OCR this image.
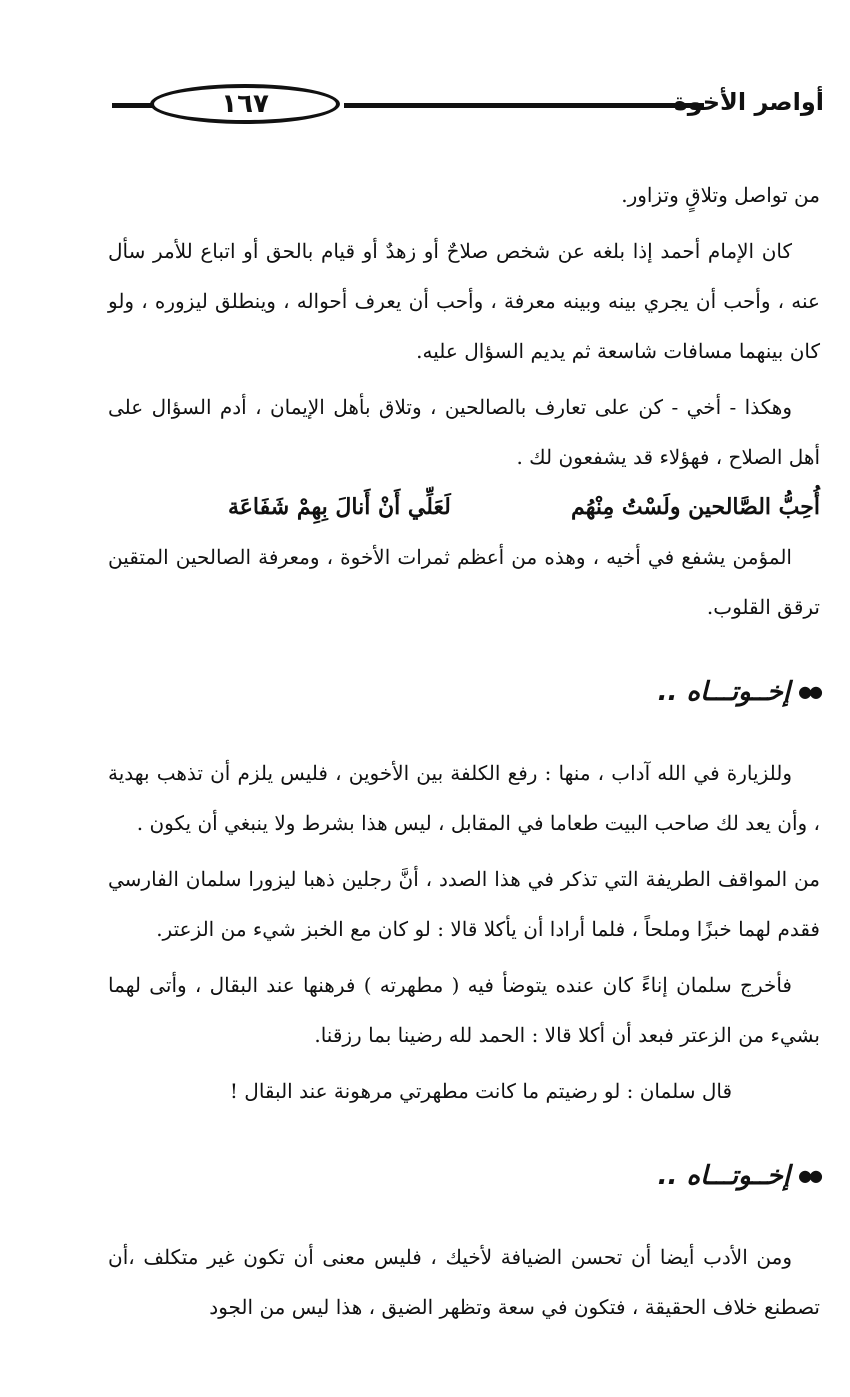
١٦٧	أواصر الأخوة

من تواصل وتلاقٍ وتزاور.

كان الإمام أحمد إذا بلغه عن شخص صلاحٌ أو زهدٌ أو قيام بالحق أو اتباع للأمر سأل عنه ، وأحب أن يجري بينه وبينه معرفة ، وأحب أن يعرف أحواله ، وينطلق ليزوره ، ولو كان بينهما مسافات شاسعة ثم يديم السؤال عليه.

وهكذا - أخي - كن على تعارف بالصالحين ، وتلاق بأهل الإيمان ، أدم السؤال على أهل الصلاح ، فهؤلاء قد يشفعون لك .

أُحِبُّ الصَّالحين ولَسْتُ مِنْهُم
لَعَلِّي أَنْ أَنالَ بِهِمْ شَفَاعَة

المؤمن يشفع في أخيه ، وهذه من أعظم ثمرات الأخوة ، ومعرفة الصالحين المتقين ترقق القلوب.

●●
إخــوتـــاه ..

وللزيارة في الله آداب ، منها : رفع الكلفة بين الأخوين ، فليس يلزم أن تذهب بهدية ، وأن يعد لك صاحب البيت طعاما في المقابل ، ليس هذا بشرط ولا ينبغي أن يكون .

من المواقف الطريفة التي تذكر في هذا الصدد ، أنَّ رجلين ذهبا ليزورا سلمان الفارسي فقدم لهما خبزًا وملحاً ، فلما أرادا أن يأكلا قالا : لو كان مع الخبز شيء من الزعتر.

فأخرج سلمان إناءً كان عنده يتوضأ فيه ( مطهرته ) فرهنها عند البقال ، وأتى لهما بشيء من الزعتر فبعد أن أكلا قالا : الحمد لله رضينا بما رزقنا.

قال سلمان : لو رضيتم ما كانت مطهرتي مرهونة عند البقال !

●●
إخــوتـــاه ..

ومن الأدب أيضا أن تحسن الضيافة لأخيك ، فليس معنى أن تكون غير متكلف ،أن تصطنع خلاف الحقيقة ، فتكون في سعة وتظهر الضيق ، هذا ليس من الجود
